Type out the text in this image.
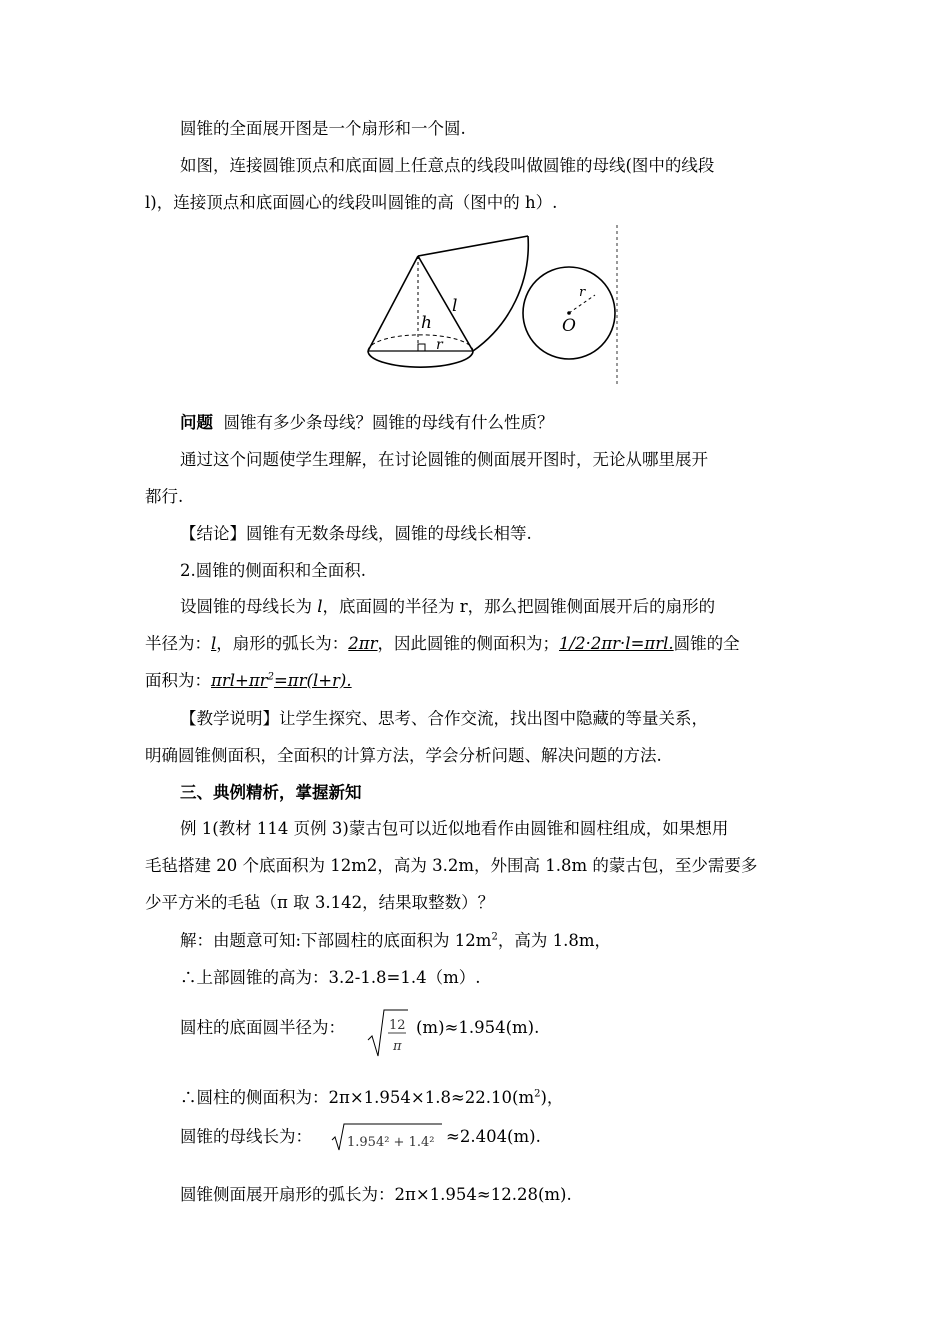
圆锥的全面展开图是一个扇形和一个圆.
如图，连接圆锥顶点和底面圆上任意点的线段叫做圆锥的母线(图中的线段
l)，连接顶点和底面圆心的线段叫圆锥的高（图中的 h）.
l
h
r
r
O
问题 圆锥有多少条母线？圆锥的母线有什么性质？
通过这个问题使学生理解，在讨论圆锥的侧面展开图时，无论从哪里展开
都行.
【结论】圆锥有无数条母线，圆锥的母线长相等.
2.圆锥的侧面积和全面积.
设圆锥的母线长为 l，底面圆的半径为 r，那么把圆锥侧面展开后的扇形的
半径为：l，扇形的弧长为：2πr，因此圆锥的侧面积为；1/2·2πr·l=πrl.圆锥的全
面积为：$\pi rl+\pi r^2=\pi r(l+r)$.
【教学说明】让学生探究、思考、合作交流，找出图中隐藏的等量关系，
明确圆锥侧面积，全面积的计算方法，学会分析问题、解决问题的方法.
三、典例精析，掌握新知
例 1(教材 114 页例 3)蒙古包可以近似地看作由圆锥和圆柱组成，如果想用
毛毡搭建 20 个底面积为 12m2，高为 3.2m，外围高 1.8m 的蒙古包，至少需要多
少平方米的毛毡（π 取 3.142，结果取整数）？
解：由题意可知:下部圆柱的底面积为 $12m^2$，高为 1.8m，
∴上部圆锥的高为：3.2-1.8=1.4（m）.
圆柱的底面圆半径为：	12
π
(m)≈1.954(m).
∴圆柱的侧面积为：$2\pi\times 1.954\times 1.8\approx 22.10(m^2)$，
圆锥的母线长为：	1.954² + 1.4² ≈2.404(m).
圆锥侧面展开扇形的弧长为：2π×1.954≈12.28(m).
